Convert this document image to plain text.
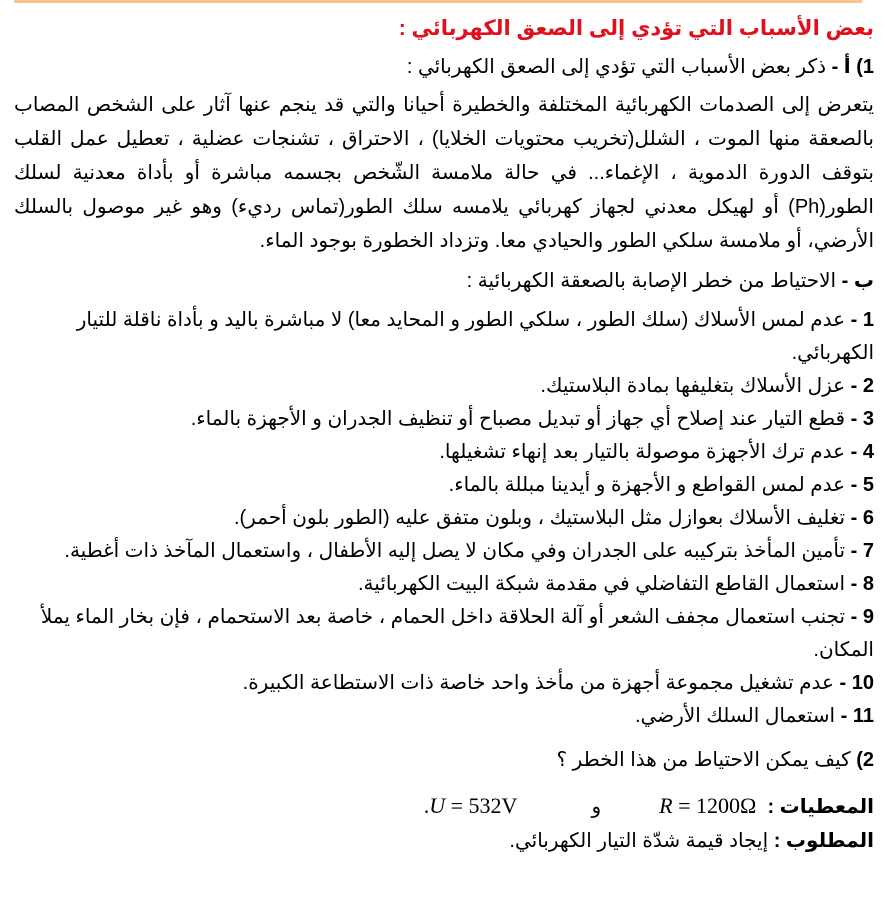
بعض الأسباب التي تؤدي إلى الصعق الكهربائي :

1) أ - ذكر بعض الأسباب التي تؤدي إلى الصعق الكهربائي :

يتعرض إلى الصدمات الكهربائية المختلفة والخطيرة أحيانا والتي قد ينجم عنها آثار على الشخص المصاب بالصعقة منها الموت ، الشلل(تخريب محتويات الخلايا) ، الاحتراق ، تشنجات عضلية ، تعطيل عمل القلب بتوقف الدورة الدموية ، الإغماء... في حالة ملامسة الشّخص بجسمه مباشرة أو بأداة معدنية لسلك الطور(Ph) أو لهيكل معدني لجهاز كهربائي يلامسه سلك الطور(تماس رديء) وهو غير موصول بالسلك الأرضي، أو ملامسة سلكي الطور والحيادي معا. وتزداد الخطورة بوجود الماء.

ب - الاحتياط من خطر الإصابة بالصعقة الكهربائية :

1 - عدم لمس الأسلاك (سلك الطور ، سلكي الطور و المحايد معا) لا مباشرة باليد و بأداة ناقلة للتيار الكهربائي.
2 - عزل الأسلاك بتغليفها بمادة البلاستيك.
3 - قطع التيار عند إصلاح أي جهاز أو تبديل مصباح أو تنظيف الجدران و الأجهزة بالماء.
4 - عدم ترك الأجهزة موصولة بالتيار بعد إنهاء تشغيلها.
5 - عدم لمس القواطع و الأجهزة و أيدينا مبللة بالماء.
6 - تغليف الأسلاك بعوازل مثل البلاستيك ، وبلون متفق عليه (الطور بلون أحمر).
7 - تأمين المأخذ بتركيبه على الجدران وفي مكان لا يصل إليه الأطفال ، واستعمال المآخذ ذات أغطية.
8 - استعمال القاطع التفاضلي في مقدمة شبكة البيت الكهربائية.
9 - تجنب استعمال مجفف الشعر أو آلة الحلاقة داخل الحمام ، خاصة بعد الاستحمام ، فإن بخار الماء يملأ المكان.
10 - عدم تشغيل مجموعة أجهزة من مأخذ واحد خاصة ذات الاستطاعة الكبيرة.
11 - استعمال السلك الأرضي.

2) كيف يمكن الاحتياط من هذا الخطر ؟

المعطيات :

R = 1200Ω
و
U = 532V
.
المطلوب :

إيجاد قيمة شدّة التيار الكهربائي.
